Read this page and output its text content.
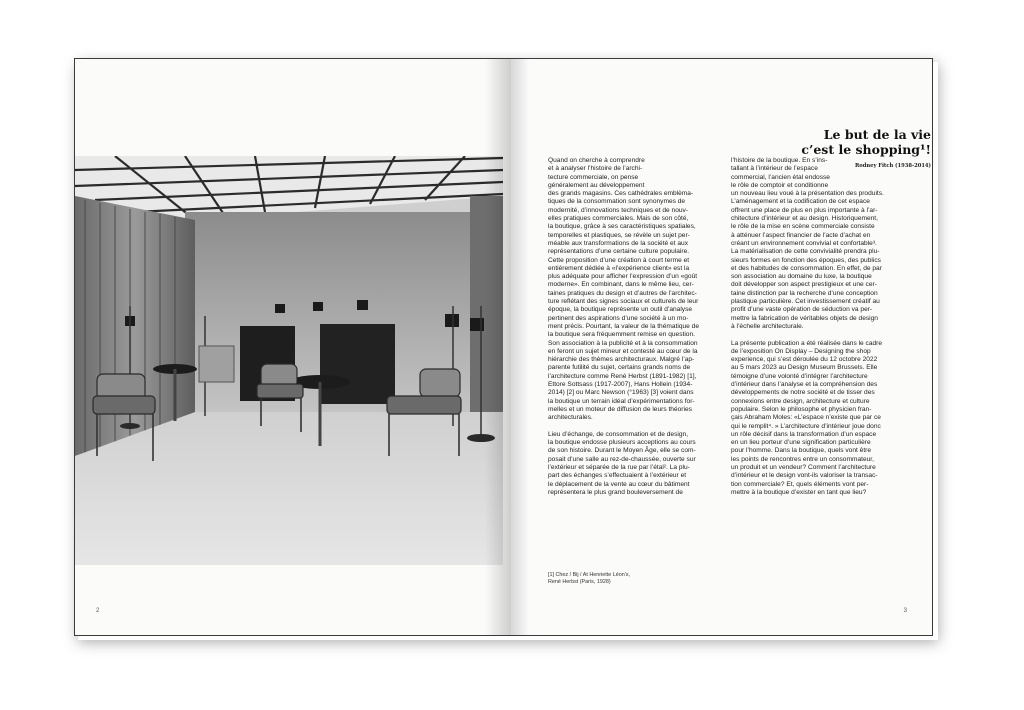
2
Le but de la vie
c’est le shopping¹!
Rodney Fitch (1938-2014)
Quand on cherche à comprendre
et à analyser l’histoire de l’archi-
tecture commerciale, on pense
généralement au développement
des grands magasins. Ces cathédrales emblèma-
tiques de la consommation sont synonymes de
modernité, d’innovations techniques et de nouv-
elles pratiques commerciales. Mais de son côté,
la boutique, grâce à ses caractéristiques spatiales,
temporelles et plastiques, se révèle un sujet per-
méable aux transformations de la société et aux
représentations d’une certaine culture populaire.
Cette proposition d’une création à court terme et
entièrement dédiée à «l’expérience client» est la
plus adéquate pour afficher l’expression d’un «goût
moderne». En combinant, dans le même lieu, cer-
taines pratiques du design et d’autres de l’architec-
ture reflétant des signes sociaux et culturels de leur
époque, la boutique représente un outil d’analyse
pertinent des aspirations d’une société à un mo-
ment précis. Pourtant, la valeur de la thématique de
la boutique sera fréquemment remise en question.
Son association à la publicité et à la consommation
en feront un sujet mineur et contesté au cœur de la
hiérarchie des thèmes architecturaux. Malgré l’ap-
parente futilité du sujet, certains grands noms de
l’architecture comme René Herbst (1891-1982) [1],
Ettore Sottsass (1917-2007), Hans Hollein (1934-
2014) [2] ou Marc Newson (°1963) [3] voient dans
la boutique un terrain idéal d’expérimentations for-
melles et un moteur de diffusion de leurs théories
architecturales.
Lieu d’échange, de consommation et de design,
la boutique endosse plusieurs acceptions au cours
de son histoire. Durant le Moyen Âge, elle se com-
posait d’une salle au rez-de-chaussée, ouverte sur
l’extérieur et séparée de la rue par l’étal². La plu-
part des échanges s’effectuaient à l’extérieur et
le déplacement de la vente au cœur du bâtiment
représentera le plus grand bouleversement de
l’histoire de la boutique. En s’ins-
tallant à l’intérieur de l’espace
commercial, l’ancien étal endosse
le rôle de comptoir et conditionne
un nouveau lieu voué à la présentation des produits.
L’aménagement et la codification de cet espace
offrent une place de plus en plus importante à l’ar-
chitecture d’intérieur et au design. Historiquement,
le rôle de la mise en scène commerciale consiste
à atténuer l’aspect financier de l’acte d’achat en
créant un environnement convivial et confortable³.
La matérialisation de cette convivialité prendra plu-
sieurs formes en fonction des époques, des publics
et des habitudes de consommation. En effet, de par
son association au domaine du luxe, la boutique
doit développer son aspect prestigieux et une cer-
taine distinction par la recherche d’une conception
plastique particulière. Cet investissement créatif au
profit d’une vaste opération de séduction va per-
mettre la fabrication de véritables objets de design
à l’échelle architecturale.
La présente publication a été réalisée dans le cadre
de l’exposition On Display – Designing the shop
experience, qui s’est déroulée du 12 octobre 2022
au 5 mars 2023 au Design Museum Brussels. Elle
témoigne d’une volonté d’intégrer l’architecture
d’intérieur dans l’analyse et la compréhension des
développements de notre société et de tisser des
connexions entre design, architecture et culture
populaire. Selon le philosophe et physicien fran-
çais Abraham Moles: «L’espace n’existe que par ce
qui le remplit⁴. » L’architecture d’intérieur joue donc
un rôle décisif dans la transformation d’un espace
en un lieu porteur d’une signification particulière
pour l’homme. Dans la boutique, quels vont être
les points de rencontres entre un consommateur,
un produit et un vendeur? Comment l’architecture
d’intérieur et le design vont-ils valoriser la transac-
tion commerciale? Et, quels éléments vont per-
mettre à la boutique d’exister en tant que lieu?
[1] Chez / Bij / At Henriette Léon’s,
René Herbst (Paris, 1928)
3
